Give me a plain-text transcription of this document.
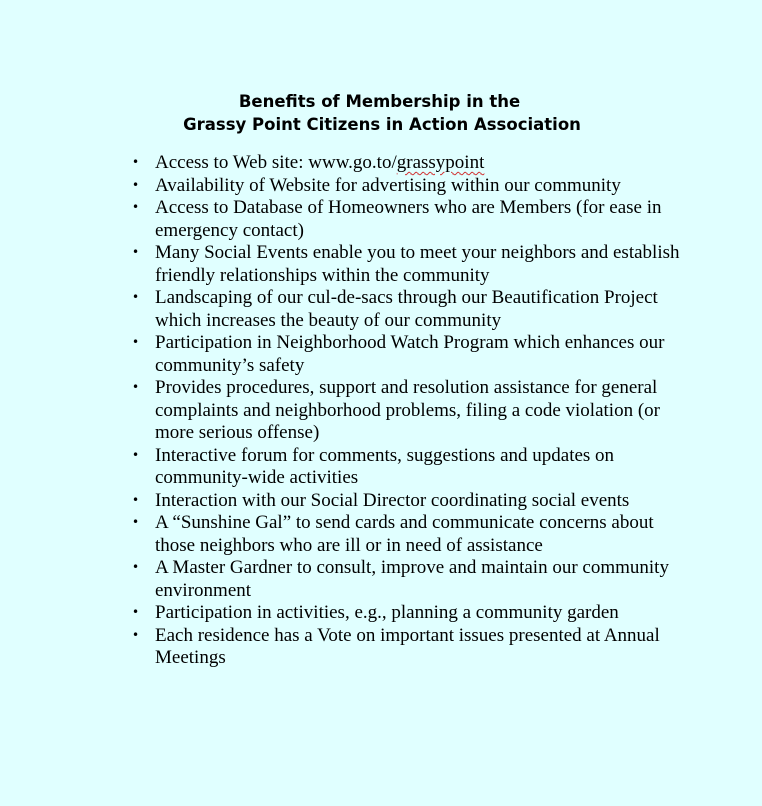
Benefits of Membership in the
Grassy Point Citizens in Action Association
• Access to Web site: www.go.to/grassypoint
• Availability of Website for advertising within our community
• Access to Database of Homeowners who are Members (for ease in emergency contact)
• Many Social Events enable you to meet your neighbors and establish friendly relationships within the community
• Landscaping of our cul-de-sacs through our Beautification Project which increases the beauty of our community
• Participation in Neighborhood Watch Program which enhances our community’s safety
• Provides procedures, support and resolution assistance for general complaints and neighborhood problems, filing a code violation (or more serious offense)
• Interactive forum for comments, suggestions and updates on community-wide activities
• Interaction with our Social Director coordinating social events
• A “Sunshine Gal” to send cards and communicate concerns about those neighbors who are ill or in need of assistance
• A Master Gardner to consult, improve and maintain our community environment
• Participation in activities, e.g., planning a community garden
• Each residence has a Vote on important issues presented at Annual Meetings
